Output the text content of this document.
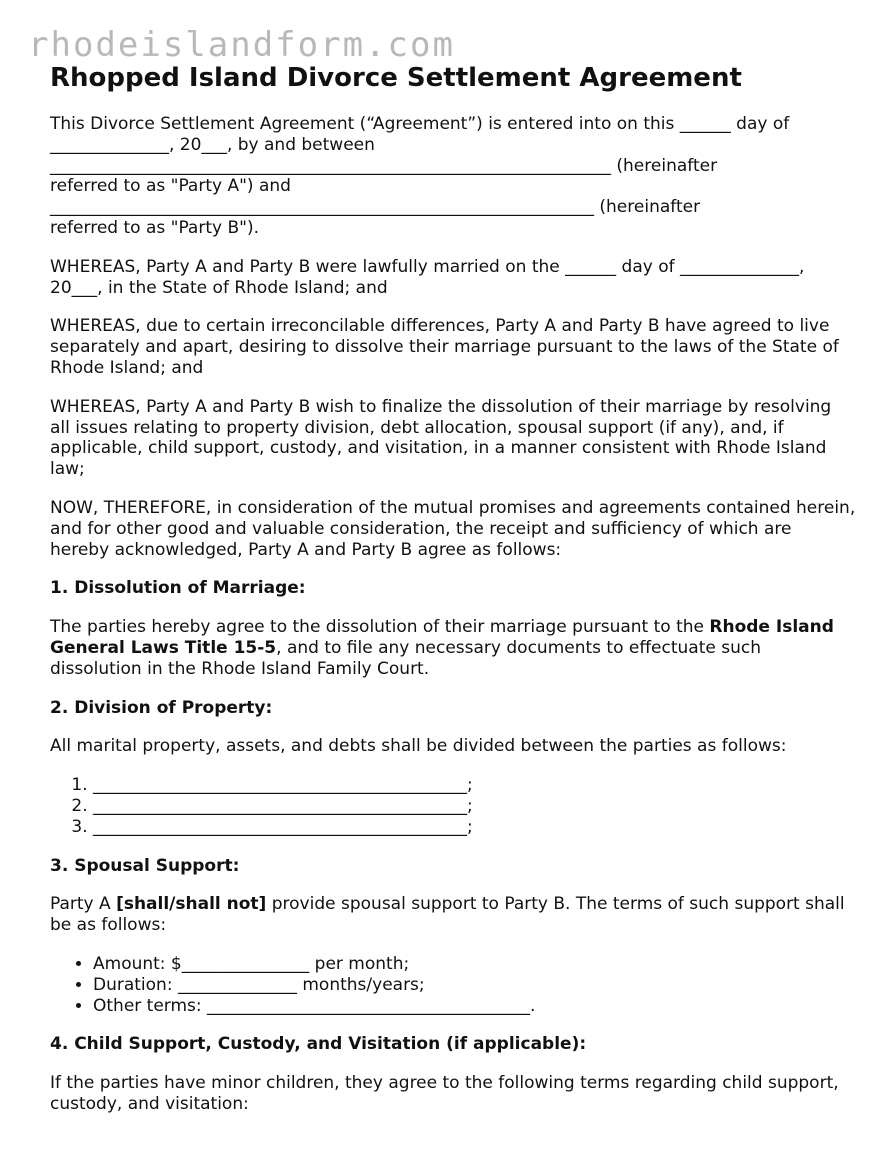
rhodeislandform.com
Rhopped Island Divorce Settlement Agreement

This Divorce Settlement Agreement (“Agreement”) is entered into on this ______ day of
______________, 20___, by and between
__________________________________________________________________ (hereinafter
referred to as "Party A") and
________________________________________________________________ (hereinafter
referred to as "Party B").

WHEREAS, Party A and Party B were lawfully married on the ______ day of ______________,
20___, in the State of Rhode Island; and

WHEREAS, due to certain irreconcilable differences, Party A and Party B have agreed to live separately and apart, desiring to dissolve their marriage pursuant to the laws of the State of Rhode Island; and

WHEREAS, Party A and Party B wish to finalize the dissolution of their marriage by resolving all issues relating to property division, debt allocation, spousal support (if any), and, if applicable, child support, custody, and visitation, in a manner consistent with Rhode Island law;

NOW, THEREFORE, in consideration of the mutual promises and agreements contained herein, and for other good and valuable consideration, the receipt and sufficiency of which are hereby acknowledged, Party A and Party B agree as follows:

1. Dissolution of Marriage:

The parties hereby agree to the dissolution of their marriage pursuant to the Rhode Island General Laws Title 15-5, and to file any necessary documents to effectuate such dissolution in the Rhode Island Family Court.

2. Division of Property:

All marital property, assets, and debts shall be divided between the parties as follows:

1. ____________________________________________;
2. ____________________________________________;
3. ____________________________________________;
3. Spousal Support:

Party A [shall/shall not] provide spousal support to Party B. The terms of such support shall be as follows:

• Amount: $_______________ per month;
• Duration: ______________ months/years;
• Other terms: ______________________________________.
4. Child Support, Custody, and Visitation (if applicable):

If the parties have minor children, they agree to the following terms regarding child support, custody, and visitation:
